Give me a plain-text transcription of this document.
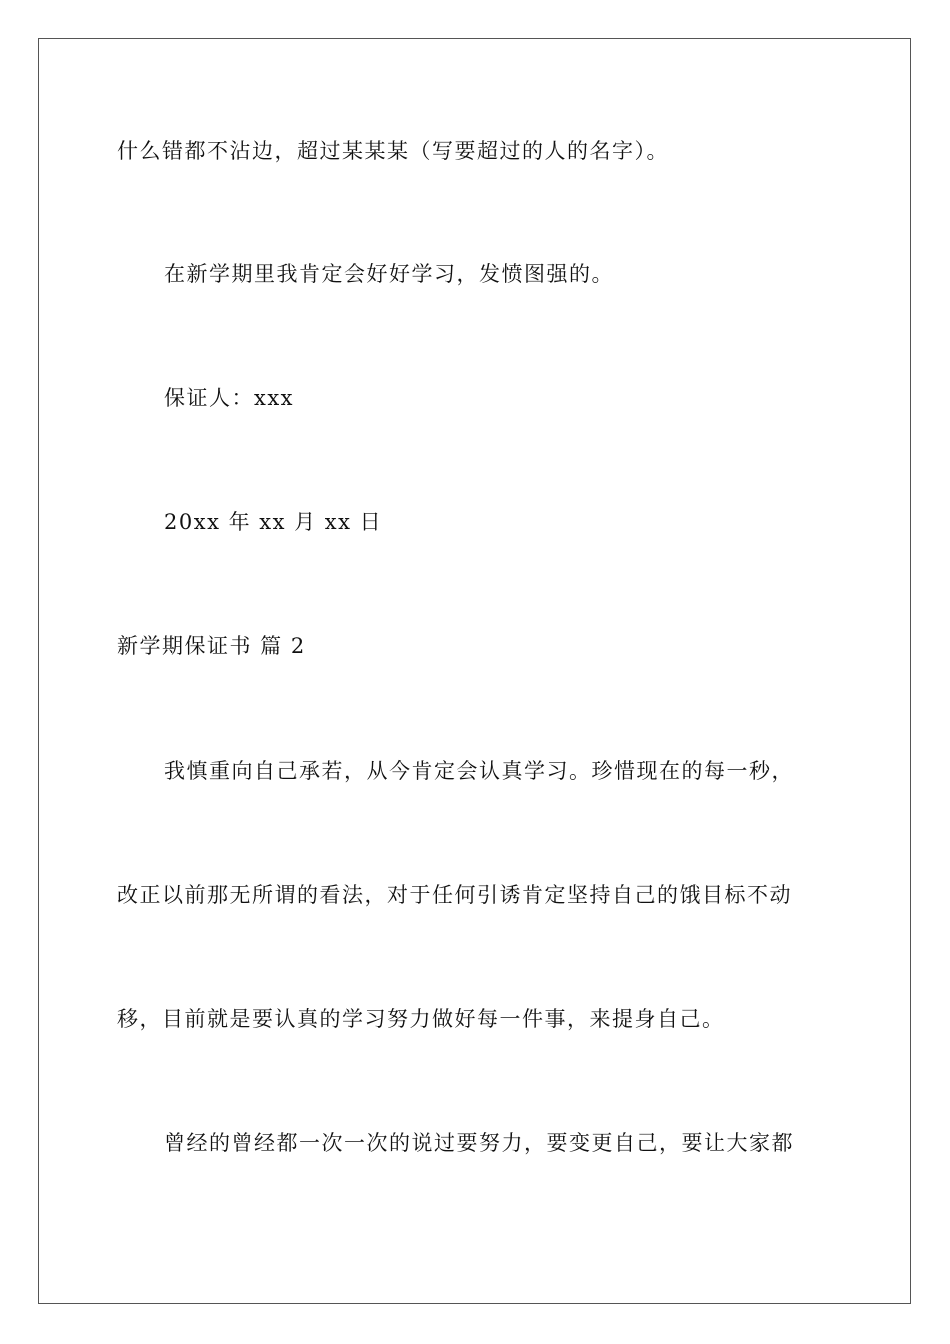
什么错都不沾边，超过某某某（写要超过的人的名字）。
在新学期里我肯定会好好学习，发愤图强的。
保证人：xxx
20xx 年 xx 月 xx 日
新学期保证书 篇 2
我慎重向自己承若，从今肯定会认真学习。珍惜现在的每一秒，
改正以前那无所谓的看法，对于任何引诱肯定坚持自己的饿目标不动
移，目前就是要认真的学习努力做好每一件事，来提身自己。
曾经的曾经都一次一次的说过要努力，要变更自己，要让大家都
